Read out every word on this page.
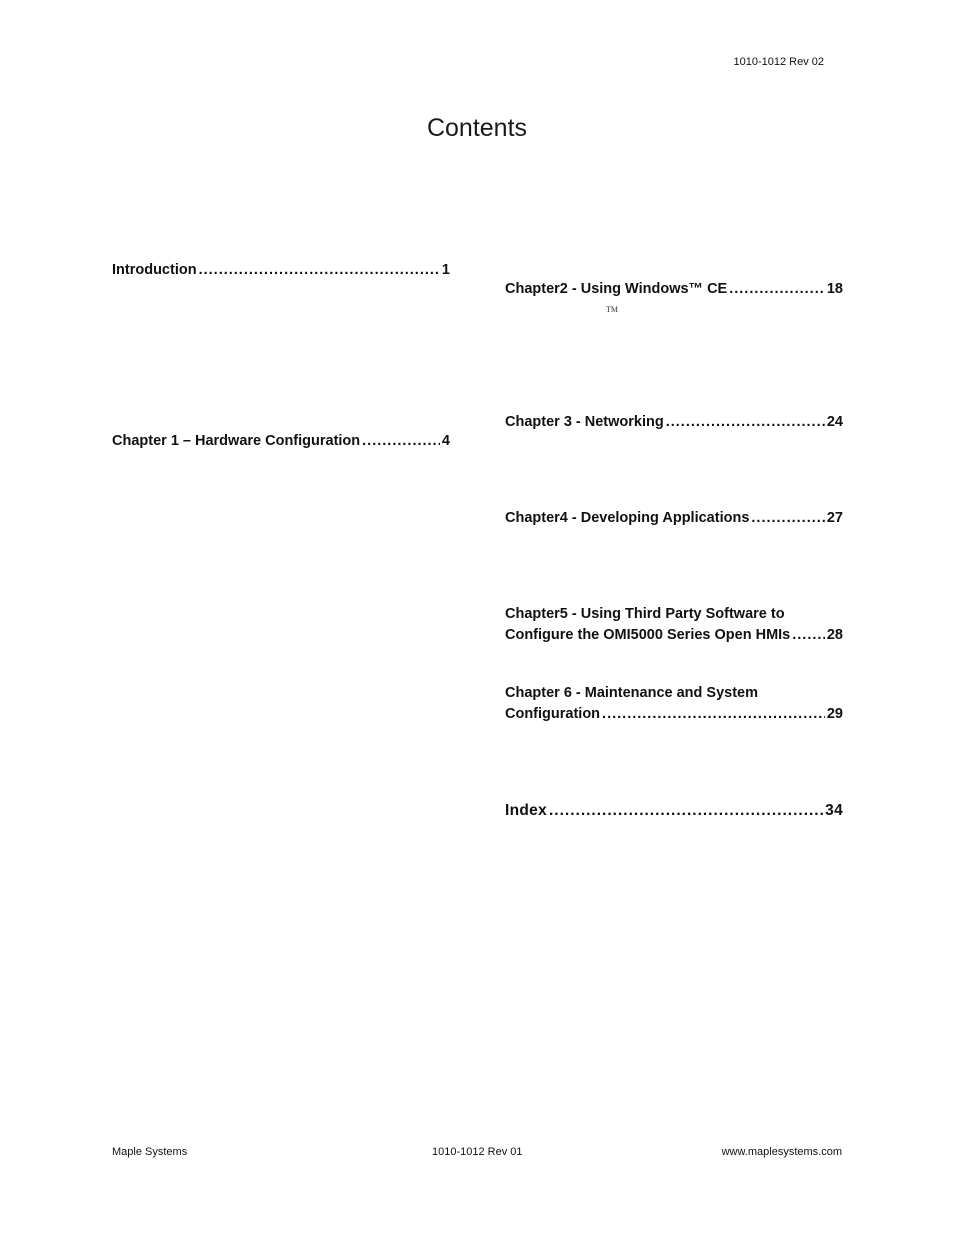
1010-1012 Rev 02
Contents
Introduction .....	1
Chapter 1 – Hardware Configuration .....	4
Chapter2 - Using Windows™ CE .....	18
TM
Chapter 3 - Networking .....	24
Chapter4 - Developing Applications .....	27
Chapter5 - Using Third Party Software to
Configure the OMI5000 Series Open HMIs .....	28
Chapter 6 - Maintenance and System
Configuration .....	29
Index .....	34
Maple Systems	1010-1012 Rev 01	www.maplesystems.com
